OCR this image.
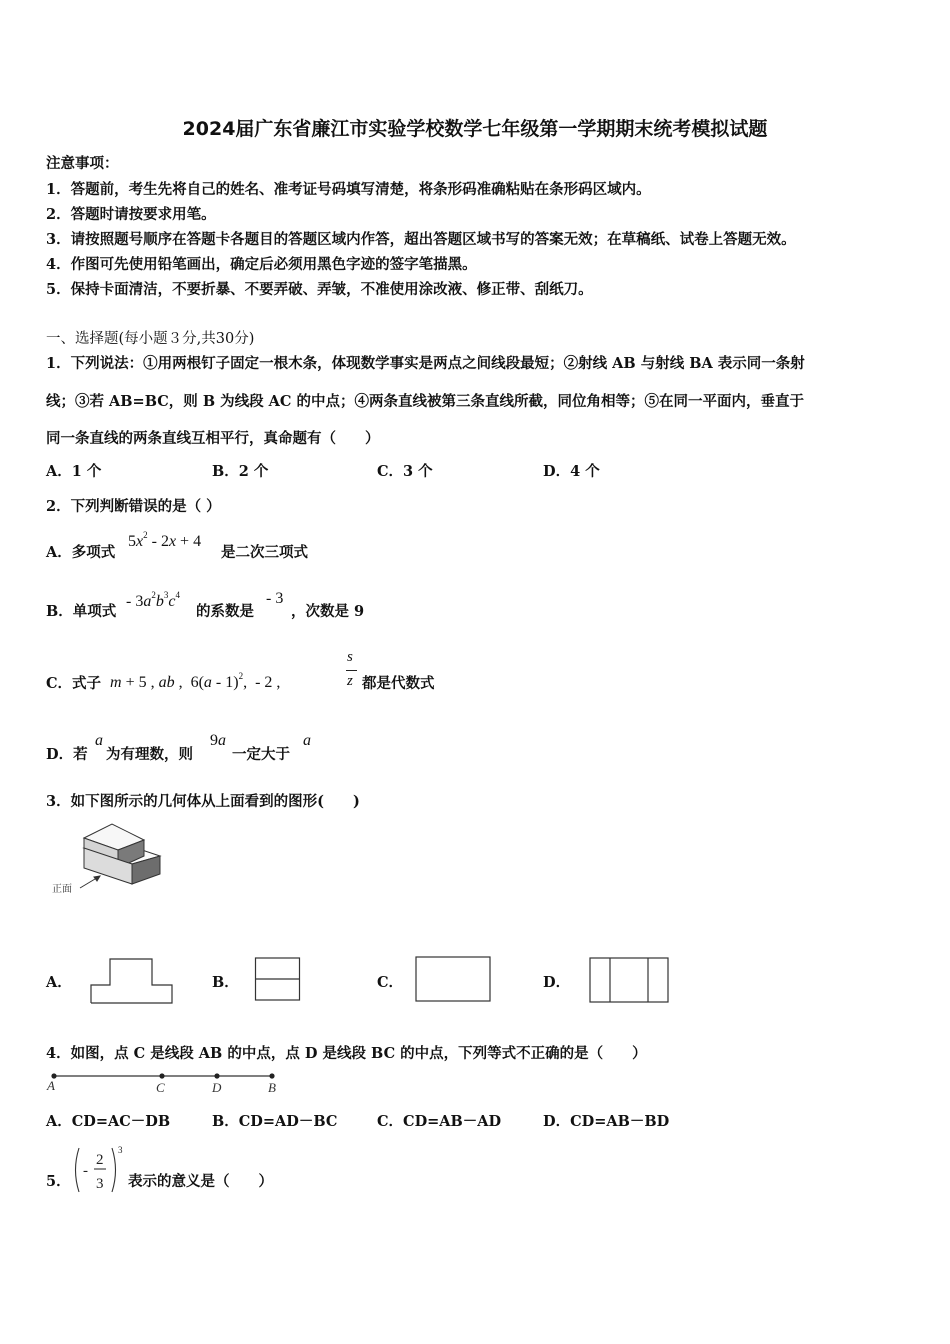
2024届广东省廉江市实验学校数学七年级第一学期期末统考模拟试题
注意事项：
1．答题前，考生先将自己的姓名、准考证号码填写清楚，将条形码准确粘贴在条形码区域内。
2．答题时请按要求用笔。
3．请按照题号顺序在答题卡各题目的答题区域内作答，超出答题区域书写的答案无效；在草稿纸、试卷上答题无效。
4．作图可先使用铅笔画出，确定后必须用黑色字迹的签字笔描黑。
5．保持卡面清洁，不要折暴、不要弄破、弄皱，不准使用涂改液、修正带、刮纸刀。
一、选择题(每小题３分,共30分)
1．下列说法：①用两根钉子固定一根木条，体现数学事实是两点之间线段最短；②射线 AB 与射线 BA 表示同一条射
线；③若 AB=BC，则 B 为线段 AC 的中点；④两条直线被第三条直线所截，同位角相等；⑤在同一平面内，垂直于
同一条直线的两条直线互相平行，真命题有（　　）
A．1 个	B．2 个	C．3 个	D．4 个
2．下列判断错误的是（ ）
A．多项式
$5x^2 - 2x + 4$
是二次三项式
B．单项式
- $3a^2b^3c^4$
的系数是
- 3
，次数是 9
C．式子 m + 5 , ab ,  6(a - 1)$^2$,  - 2 ,
s
z 都是代数式
D．若
a
为有理数，则
9a
一定大于
a
3．如下图所示的几何体从上面看到的图形(　　)
正面
A．	B．	C．	D．
4．如图，点 C 是线段 AB 的中点，点 D 是线段 BC 的中点，下列等式不正确的是（　　）
A	C	D	B
A．CD=AC－DB	B．CD=AD－BC	C．CD=AB－AD	D．CD=AB－BD
5．
-
2
3
3
表示的意义是（　　）
